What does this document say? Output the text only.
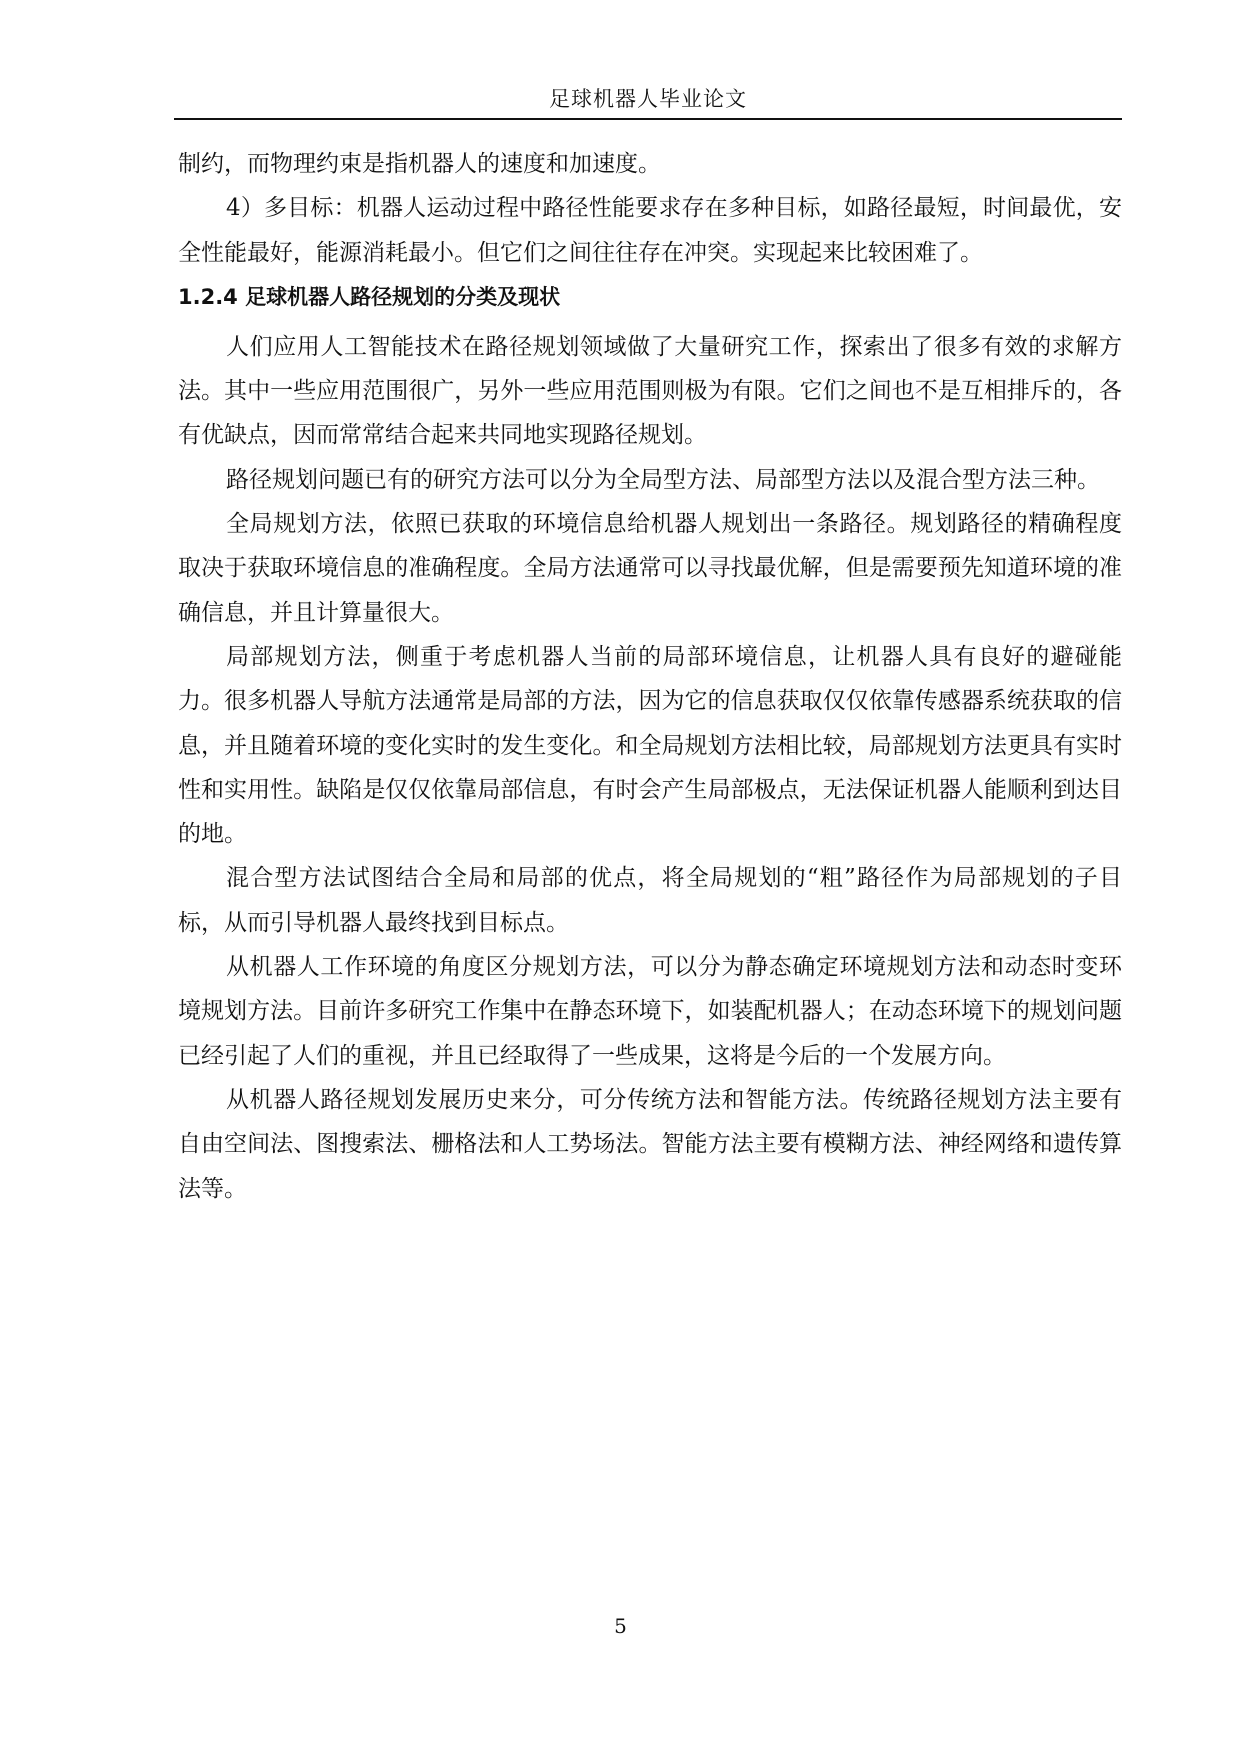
足球机器人毕业论文

制约，而物理约束是指机器人的速度和加速度。

4）多目标：机器人运动过程中路径性能要求存在多种目标，如路径最短，时间最优，安全性能最好，能源消耗最小。但它们之间往往存在冲突。实现起来比较困难了。

1.2.4 足球机器人路径规划的分类及现状

人们应用人工智能技术在路径规划领域做了大量研究工作，探索出了很多有效的求解方法。其中一些应用范围很广，另外一些应用范围则极为有限。它们之间也不是互相排斥的，各有优缺点，因而常常结合起来共同地实现路径规划。

路径规划问题已有的研究方法可以分为全局型方法、局部型方法以及混合型方法三种。

全局规划方法，依照已获取的环境信息给机器人规划出一条路径。规划路径的精确程度取决于获取环境信息的准确程度。全局方法通常可以寻找最优解，但是需要预先知道环境的准确信息，并且计算量很大。

局部规划方法，侧重于考虑机器人当前的局部环境信息，让机器人具有良好的避碰能力。很多机器人导航方法通常是局部的方法，因为它的信息获取仅仅依靠传感器系统获取的信息，并且随着环境的变化实时的发生变化。和全局规划方法相比较，局部规划方法更具有实时性和实用性。缺陷是仅仅依靠局部信息，有时会产生局部极点，无法保证机器人能顺利到达目的地。

混合型方法试图结合全局和局部的优点，将全局规划的“粗”路径作为局部规划的子目标，从而引导机器人最终找到目标点。

从机器人工作环境的角度区分规划方法，可以分为静态确定环境规划方法和动态时变环境规划方法。目前许多研究工作集中在静态环境下，如装配机器人；在动态环境下的规划问题已经引起了人们的重视，并且已经取得了一些成果，这将是今后的一个发展方向。

从机器人路径规划发展历史来分，可分传统方法和智能方法。传统路径规划方法主要有自由空间法、图搜索法、栅格法和人工势场法。智能方法主要有模糊方法、神经网络和遗传算法等。

5
